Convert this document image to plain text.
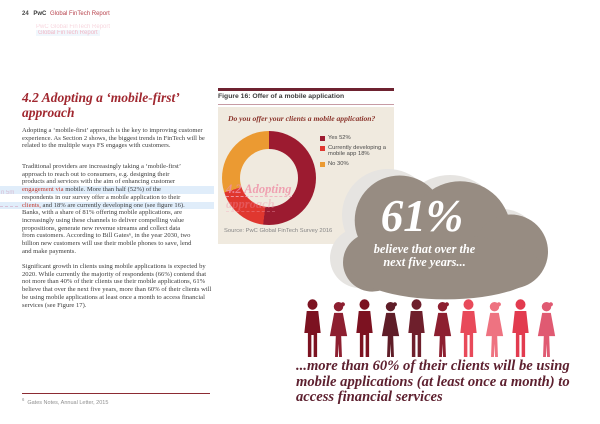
24 PwC Global FinTech Report
PwC Global FinTech Report
Global FinTech Report
n 5m
4.2 Adopting a ‘mobile-first’ approach
Adopting a ‘mobile-first’ approach is the key to improving customer experience. As Section 2 shows, the biggest trends in FinTech will be related to the multiple ways FS engages with customers.
Traditional providers are increasingly taking a ‘mobile-first’
approach to reach out to consumers, e.g. designing their
products and services with the aim of enhancing customer
engagement via mobile. More than half (52%) of the
respondents in our survey offer a mobile application to their
clients, and 18% are currently developing one (see figure 16).
Banks, with a share of 81% offering mobile applications, are
increasingly using these channels to deliver compelling value
propositions, generate new revenue streams and collect data
from customers. According to Bill Gates⁶, in the year 2030, two
billion new customers will use their mobile phones to save, lend
and make payments.
Significant growth in clients using mobile applications is expected by 2020. While currently the majority of respondents (66%) contend that not more than 40% of their clients use their mobile applications, 61% believe that over the next five years, more than 60% of their clients will be using mobile applications at least once a month to access financial services (see Figure 17).
$^6$Gates Notes, Annual Letter, 2015
Figure 16: Offer of a mobile application
Do you offer your clients a mobile application?
Yes 52%
Currently developing a mobile app 18%
No 30%
Source: PwC Global FinTech Survey 2016
4.2 Adopting
approach	61%
believe that over the
next five years...
...more than 60% of their clients will be using mobile applications (at least once a month) to access financial services
